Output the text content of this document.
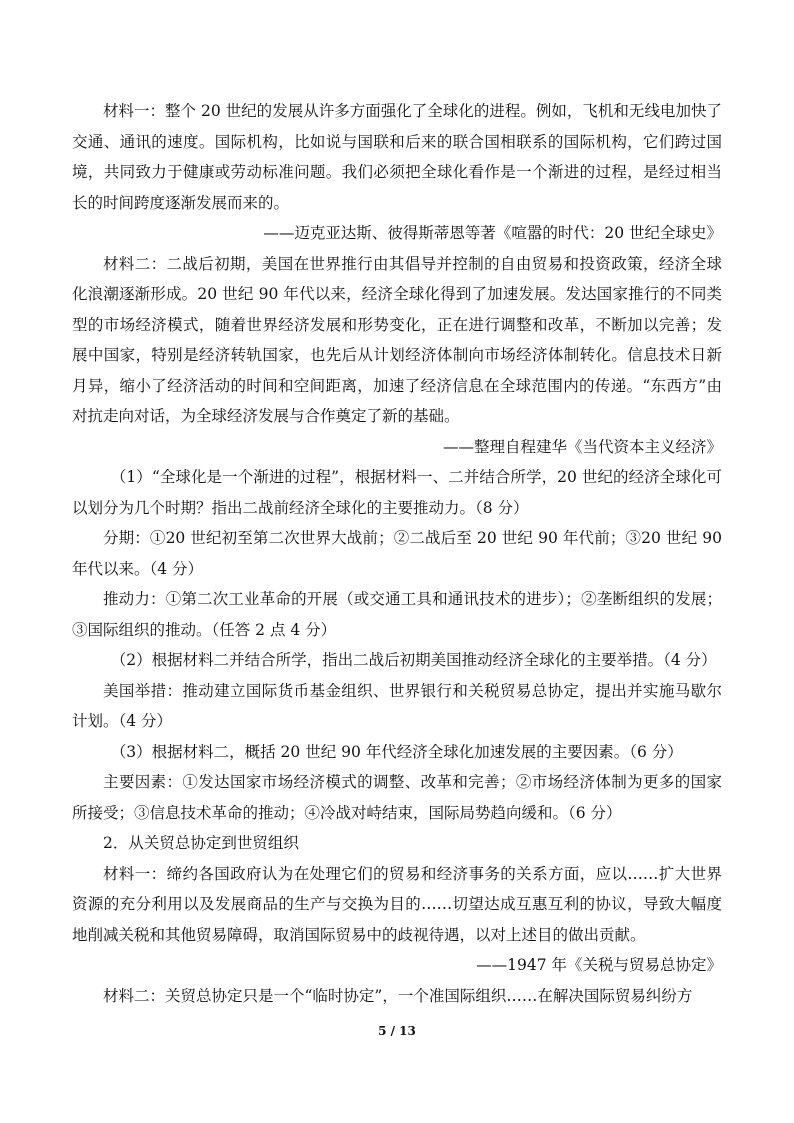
材料一：整个 20 世纪的发展从许多方面强化了全球化的进程。例如，飞机和无线电加快了交通、通讯的速度。国际机构，比如说与国联和后来的联合国相联系的国际机构，它们跨过国境，共同致力于健康或劳动标准问题。我们必须把全球化看作是一个渐进的过程，是经过相当长的时间跨度逐渐发展而来的。

——迈克亚达斯、彼得斯蒂恩等著《喧嚣的时代：20 世纪全球史》

材料二：二战后初期，美国在世界推行由其倡导并控制的自由贸易和投资政策，经济全球化浪潮逐渐形成。20 世纪 90 年代以来，经济全球化得到了加速发展。发达国家推行的不同类型的市场经济模式，随着世界经济发展和形势变化，正在进行调整和改革，不断加以完善；发展中国家，特别是经济转轨国家，也先后从计划经济体制向市场经济体制转化。信息技术日新月异，缩小了经济活动的时间和空间距离，加速了经济信息在全球范围内的传递。“东西方”由对抗走向对话，为全球经济发展与合作奠定了新的基础。

——整理自程建华《当代资本主义经济》

（1）“全球化是一个渐进的过程”，根据材料一、二并结合所学，20 世纪的经济全球化可以划分为几个时期？指出二战前经济全球化的主要推动力。（8 分）

分期：①20 世纪初至第二次世界大战前；②二战后至 20 世纪 90 年代前；③20 世纪 90 年代以来。（4 分）

推动力：①第二次工业革命的开展（或交通工具和通讯技术的进步）；②垄断组织的发展；③国际组织的推动。（任答 2 点 4 分）

（2）根据材料二并结合所学，指出二战后初期美国推动经济全球化的主要举措。（4 分）

美国举措：推动建立国际货币基金组织、世界银行和关税贸易总协定，提出并实施马歇尔计划。（4 分）

（3）根据材料二，概括 20 世纪 90 年代经济全球化加速发展的主要因素。（6 分）

主要因素：①发达国家市场经济模式的调整、改革和完善；②市场经济体制为更多的国家所接受；③信息技术革命的推动；④冷战对峙结束，国际局势趋向缓和。（6 分）

2．从关贸总协定到世贸组织

材料一：缔约各国政府认为在处理它们的贸易和经济事务的关系方面，应以……扩大世界资源的充分利用以及发展商品的生产与交换为目的……切望达成互惠互利的协议，导致大幅度地削减关税和其他贸易障碍，取消国际贸易中的歧视待遇，以对上述目的做出贡献。

——1947 年《关税与贸易总协定》

材料二：关贸总协定只是一个“临时协定”，一个准国际组织……在解决国际贸易纠纷方

5 / 13
